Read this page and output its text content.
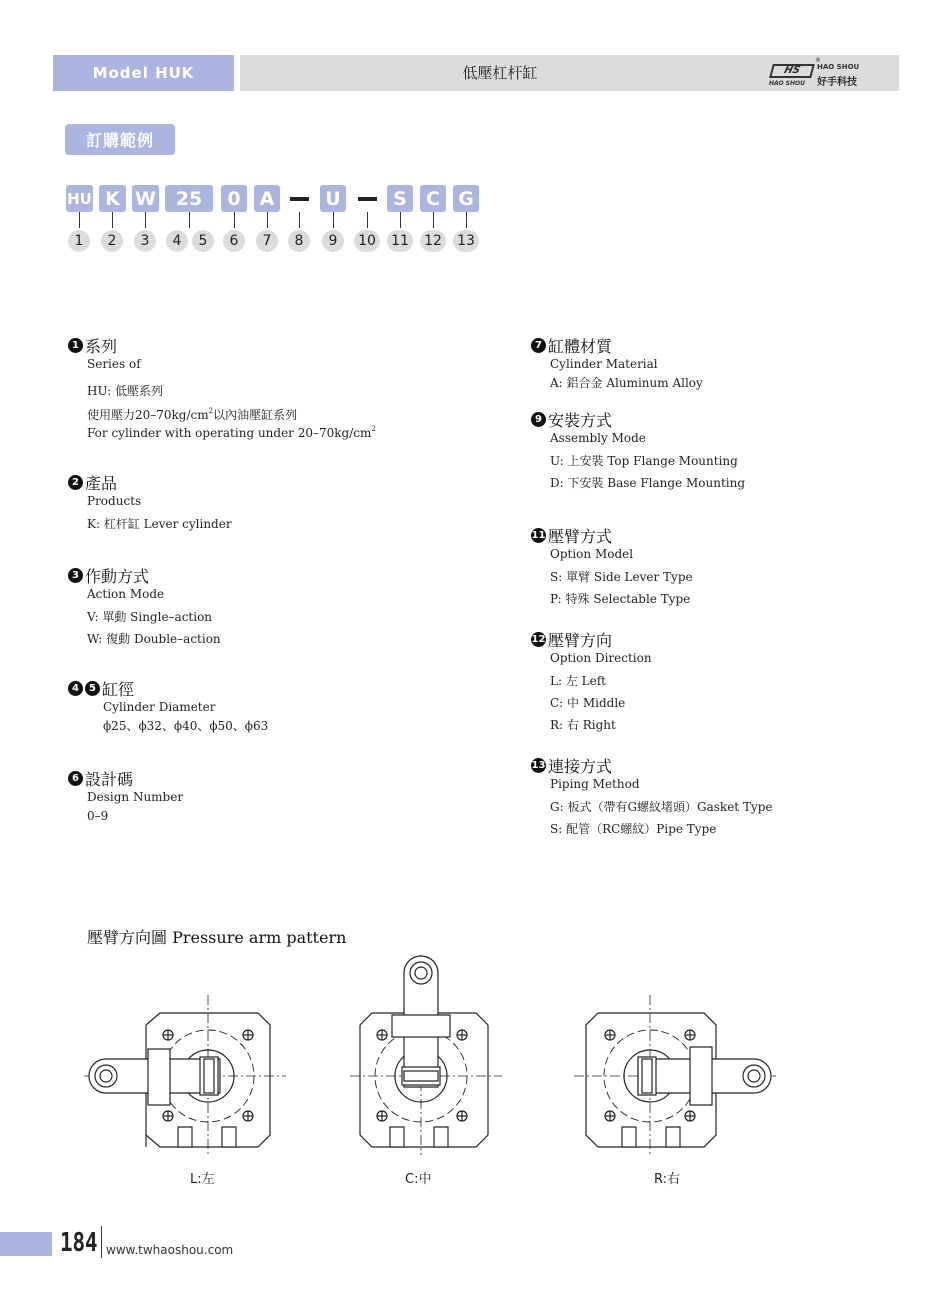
Model HUK	低壓杠杆缸	HS
HAO SHOU
®
HAO SHOU
好手科技
訂購範例
HU K W	25	0	A	U	S	C G
1	2	3	4	5	6	7	8	9	10 11 12 13
1 系列
Series of
HU: 低壓系列
使用壓力$20-70kg/cm^2$以內油壓缸系列
For cylinder with operating under $20-70kg/cm^2$
2 產品
Products
K: 杠杆缸 Lever cylinder
3 作動方式
Action Mode
V: 單動 Single–action
W: 復動 Double–action
4	5 缸徑
Cylinder Diameter
ϕ25、ϕ32、ϕ40、ϕ50、ϕ63
6 設計碼
Design Number
0–9
7 缸體材質
Cylinder Material
A: 鋁合金 Aluminum Alloy
9 安裝方式
Assembly Mode
U: 上安裝 Top Flange Mounting
D: 下安裝 Base Flange Mounting
11 壓臂方式
Option Model
S: 單臂 Side Lever Type
P: 特殊 Selectable Type
12 壓臂方向
Option Direction
L: 左 Left
C: 中 Middle
R: 右 Right
13 連接方式
Piping Method
G: 板式（帶有G螺紋堵頭）Gasket Type
S: 配管（RC螺紋）Pipe Type
壓臂方向圖 Pressure arm pattern
L:左	C:中	R:右
184 www.twhaoshou.com
